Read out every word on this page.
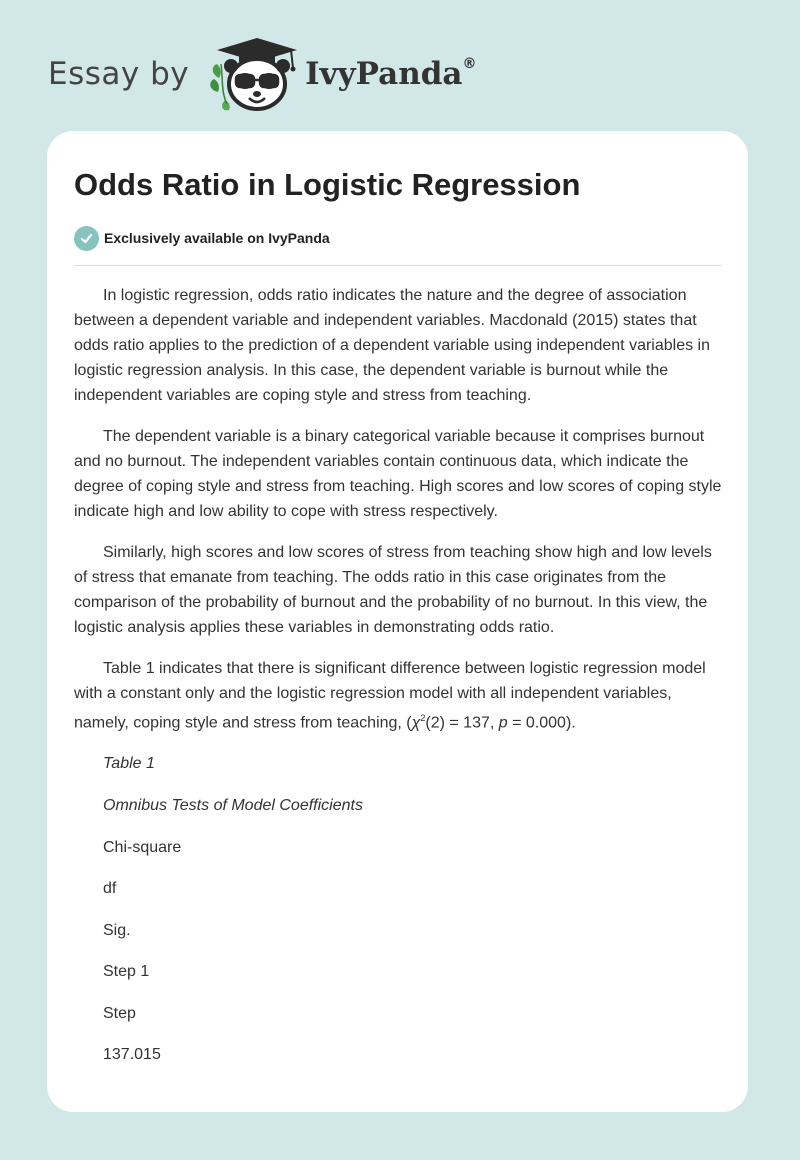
Essay by	IvyPanda®
Odds Ratio in Logistic Regression
Exclusively available on IvyPanda

In logistic regression, odds ratio indicates the nature and the degree of association between a dependent variable and independent variables. Macdonald (2015) states that odds ratio applies to the prediction of a dependent variable using independent variables in logistic regression analysis. In this case, the dependent variable is burnout while the independent variables are coping style and stress from teaching.

The dependent variable is a binary categorical variable because it comprises burnout and no burnout. The independent variables contain continuous data, which indicate the degree of coping style and stress from teaching. High scores and low scores of coping style indicate high and low ability to cope with stress respectively.

Similarly, high scores and low scores of stress from teaching show high and low levels of stress that emanate from teaching. The odds ratio in this case originates from the comparison of the probability of burnout and the probability of no burnout. In this view, the logistic analysis applies these variables in demonstrating odds ratio.

Table 1 indicates that there is significant difference between logistic regression model with a constant only and the logistic regression model with all independent variables, namely, coping style and stress from teaching, ($\chi^2(2) = 137$, p = 0.000).

Table 1

Omnibus Tests of Model Coefficients

Chi-square

df

Sig.

Step 1

Step

137.015
